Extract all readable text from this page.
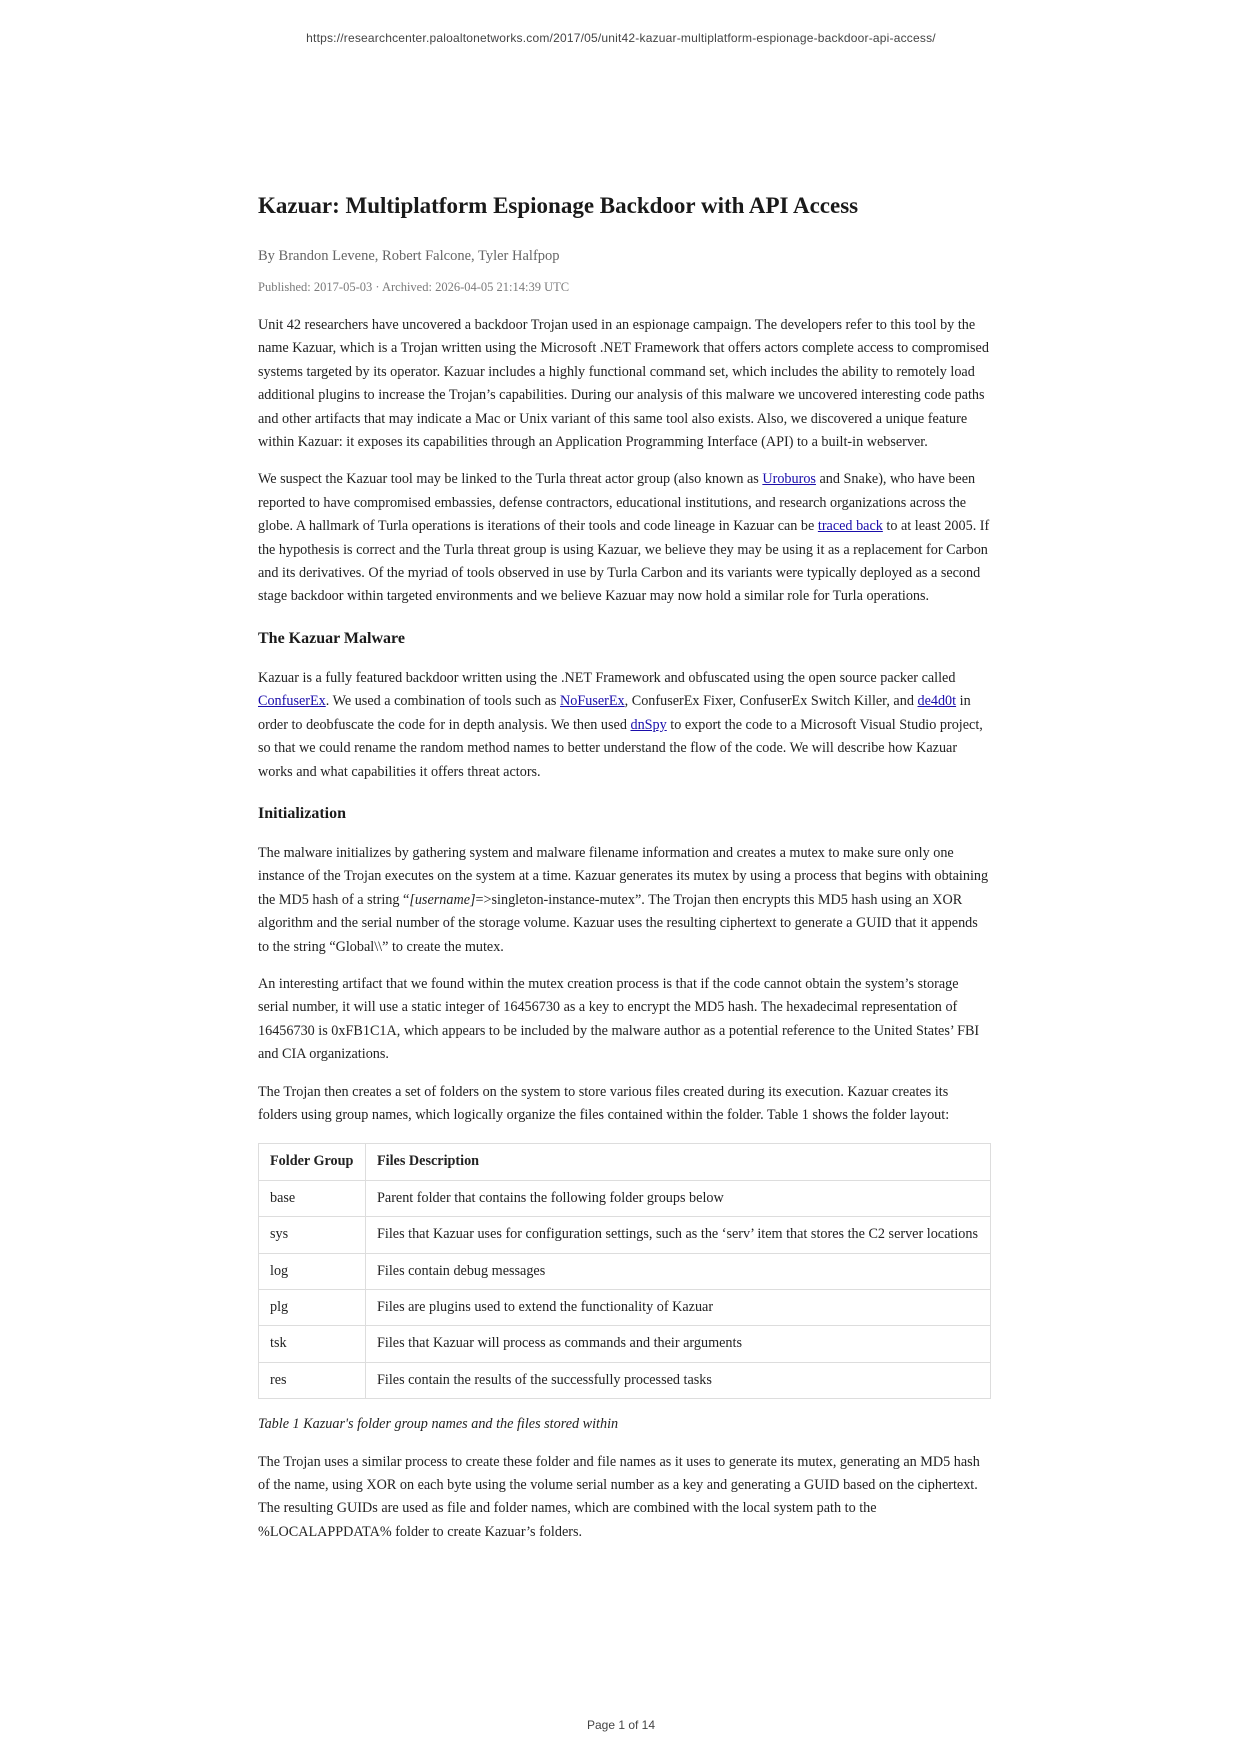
https://researchcenter.paloaltonetworks.com/2017/05/unit42-kazuar-multiplatform-espionage-backdoor-api-access/
Kazuar: Multiplatform Espionage Backdoor with API Access
By Brandon Levene, Robert Falcone, Tyler Halfpop
Published: 2017-05-03 · Archived: 2026-04-05 21:14:39 UTC

Unit 42 researchers have uncovered a backdoor Trojan used in an espionage campaign. The developers refer to this tool by the name Kazuar, which is a Trojan written using the Microsoft .NET Framework that offers actors complete access to compromised systems targeted by its operator. Kazuar includes a highly functional command set, which includes the ability to remotely load additional plugins to increase the Trojan’s capabilities. During our analysis of this malware we uncovered interesting code paths and other artifacts that may indicate a Mac or Unix variant of this same tool also exists. Also, we discovered a unique feature within Kazuar: it exposes its capabilities through an Application Programming Interface (API) to a built-in webserver.

We suspect the Kazuar tool may be linked to the Turla threat actor group (also known as Uroburos and Snake), who have been reported to have compromised embassies, defense contractors, educational institutions, and research organizations across the globe. A hallmark of Turla operations is iterations of their tools and code lineage in Kazuar can be traced back to at least 2005. If the hypothesis is correct and the Turla threat group is using Kazuar, we believe they may be using it as a replacement for Carbon and its derivatives. Of the myriad of tools observed in use by Turla Carbon and its variants were typically deployed as a second stage backdoor within targeted environments and we believe Kazuar may now hold a similar role for Turla operations.

The Kazuar Malware

Kazuar is a fully featured backdoor written using the .NET Framework and obfuscated using the open source packer called ConfuserEx. We used a combination of tools such as NoFuserEx, ConfuserEx Fixer, ConfuserEx Switch Killer, and de4d0t in order to deobfuscate the code for in depth analysis. We then used dnSpy to export the code to a Microsoft Visual Studio project, so that we could rename the random method names to better understand the flow of the code. We will describe how Kazuar works and what capabilities it offers threat actors.

Initialization

The malware initializes by gathering system and malware filename information and creates a mutex to make sure only one instance of the Trojan executes on the system at a time. Kazuar generates its mutex by using a process that begins with obtaining the MD5 hash of a string “[username]=>singleton-instance-mutex”. The Trojan then encrypts this MD5 hash using an XOR algorithm and the serial number of the storage volume. Kazuar uses the resulting ciphertext to generate a GUID that it appends to the string “Global\\” to create the mutex.

An interesting artifact that we found within the mutex creation process is that if the code cannot obtain the system’s storage serial number, it will use a static integer of 16456730 as a key to encrypt the MD5 hash. The hexadecimal representation of 16456730 is 0xFB1C1A, which appears to be included by the malware author as a potential reference to the United States’ FBI and CIA organizations.

The Trojan then creates a set of folders on the system to store various files created during its execution. Kazuar creates its folders using group names, which logically organize the files contained within the folder. Table 1 shows the folder layout:

Folder Group	Files Description
base	Parent folder that contains the following folder groups below
sys	Files that Kazuar uses for configuration settings, such as the ‘serv’ item that stores the C2 server locations
log	Files contain debug messages
plg	Files are plugins used to extend the functionality of Kazuar
tsk	Files that Kazuar will process as commands and their arguments
res	Files contain the results of the successfully processed tasks
Table 1 Kazuar's folder group names and the files stored within

The Trojan uses a similar process to create these folder and file names as it uses to generate its mutex, generating an MD5 hash of the name, using XOR on each byte using the volume serial number as a key and generating a GUID based on the ciphertext. The resulting GUIDs are used as file and folder names, which are combined with the local system path to the %LOCALAPPDATA% folder to create Kazuar’s folders.

Page 1 of 14
